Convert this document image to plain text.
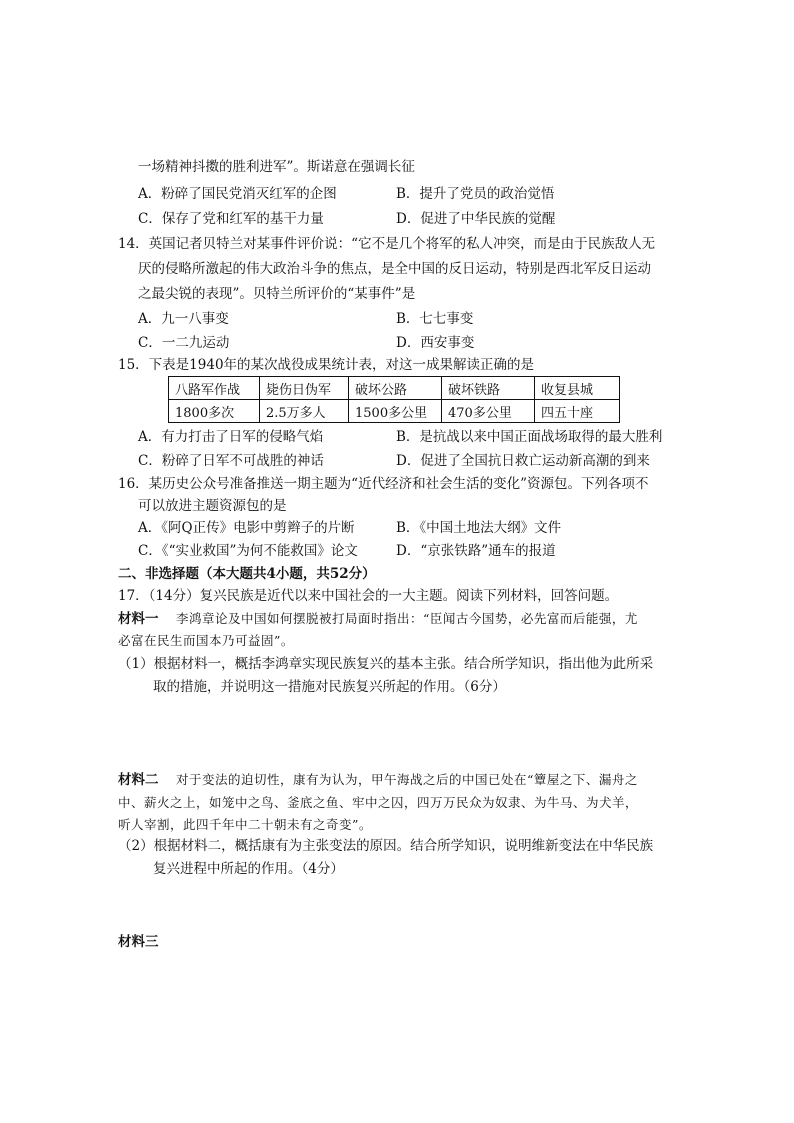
一场精神抖擞的胜利进军”。斯诺意在强调长征
A．粉碎了国民党消灭红军的企图	B．提升了党员的政治觉悟
C．保存了党和红军的基干力量	D．促进了中华民族的觉醒
14．英国记者贝特兰对某事件评价说：“它不是几个将军的私人冲突，而是由于民族敌人无
厌的侵略所激起的伟大政治斗争的焦点，是全中国的反日运动，特别是西北军反日运动
之最尖锐的表现”。贝特兰所评价的“某事件”是
A．九一八事变	B．七七事变
C．一二九运动	D．西安事变
15．下表是1940年的某次战役成果统计表，对这一成果解读正确的是
八路军作战	毙伤日伪军	破坏公路	破坏铁路	收复县城
1800多次	2.5万多人	1500多公里	470多公里	四五十座
A．有力打击了日军的侵略气焰	B．是抗战以来中国正面战场取得的最大胜利
C．粉碎了日军不可战胜的神话	D．促进了全国抗日救亡运动新高潮的到来
16．某历史公众号准备推送一期主题为“近代经济和社会生活的变化”资源包。下列各项不
可以放进主题资源包的是
A．《阿Q正传》电影中剪辫子的片断	B．《中国土地法大纲》文件
C．《“实业救国”为何不能救国》论文	D．“京张铁路”通车的报道
二、非选择题（本大题共4小题，共52分）
17．（14分）复兴民族是近代以来中国社会的一大主题。阅读下列材料，回答问题。
材料一 李鸿章论及中国如何摆脱被打局面时指出：“臣闻古今国势，必先富而后能强，尤
必富在民生而国本乃可益固”。
（1）根据材料一，概括李鸿章实现民族复兴的基本主张。结合所学知识，指出他为此所采
取的措施，并说明这一措施对民族复兴所起的作用。（6分）
材料二 对于变法的迫切性，康有为认为，甲午海战之后的中国已处在“簟屋之下、漏舟之
中、薪火之上，如笼中之鸟、釜底之鱼、牢中之囚，四万万民众为奴隶、为牛马、为犬羊，
听人宰割，此四千年中二十朝未有之奇变”。
（2）根据材料二，概括康有为主张变法的原因。结合所学知识，说明维新变法在中华民族
复兴进程中所起的作用。（4分）
材料三
